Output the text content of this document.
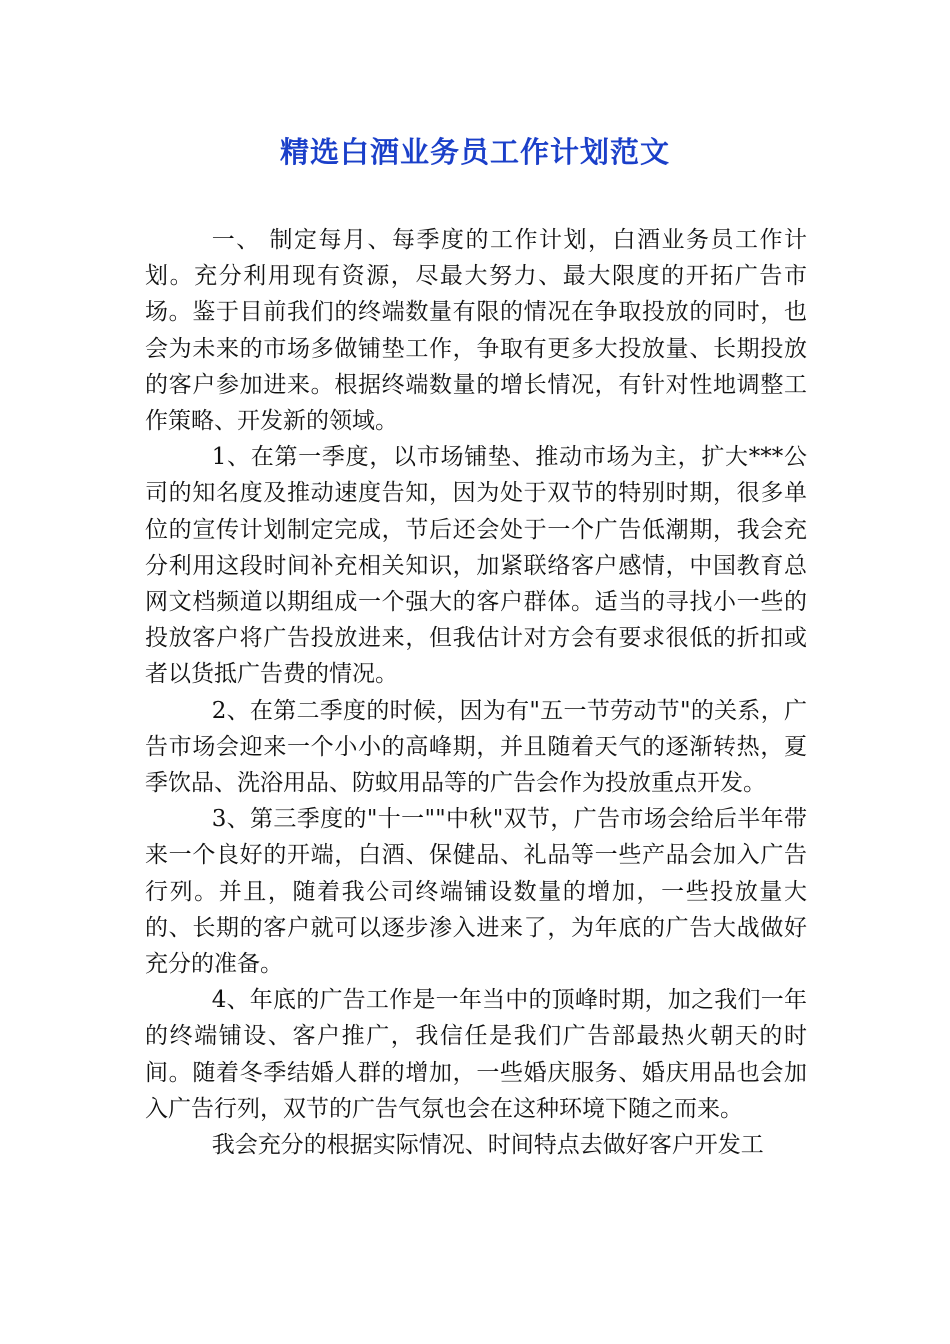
精选白酒业务员工作计划范文

一、 制定每月、每季度的工作计划，白酒业务员工作计划。充分利用现有资源，尽最大努力、最大限度的开拓广告市场。鉴于目前我们的终端数量有限的情况在争取投放的同时，也会为未来的市场多做铺垫工作，争取有更多大投放量、长期投放的客户参加进来。根据终端数量的增长情况，有针对性地调整工作策略、开发新的领域。

1、在第一季度，以市场铺垫、推动市场为主，扩大***公司的知名度及推动速度告知，因为处于双节的特别时期，很多单位的宣传计划制定完成，节后还会处于一个广告低潮期，我会充分利用这段时间补充相关知识，加紧联络客户感情，中国教育总网文档频道以期组成一个强大的客户群体。适当的寻找小一些的投放客户将广告投放进来，但我估计对方会有要求很低的折扣或者以货抵广告费的情况。

2、在第二季度的时候，因为有"五一节劳动节"的关系，广告市场会迎来一个小小的高峰期，并且随着天气的逐渐转热，夏季饮品、洗浴用品、防蚊用品等的广告会作为投放重点开发。

3、第三季度的"十一""中秋"双节，广告市场会给后半年带来一个良好的开端，白酒、保健品、礼品等一些产品会加入广告行列。并且，随着我公司终端铺设数量的增加，一些投放量大的、长期的客户就可以逐步渗入进来了，为年底的广告大战做好充分的准备。

4、年底的广告工作是一年当中的顶峰时期，加之我们一年的终端铺设、客户推广，我信任是我们广告部最热火朝天的时间。随着冬季结婚人群的增加，一些婚庆服务、婚庆用品也会加入广告行列，双节的广告气氛也会在这种环境下随之而来。

我会充分的根据实际情况、时间特点去做好客户开发工
